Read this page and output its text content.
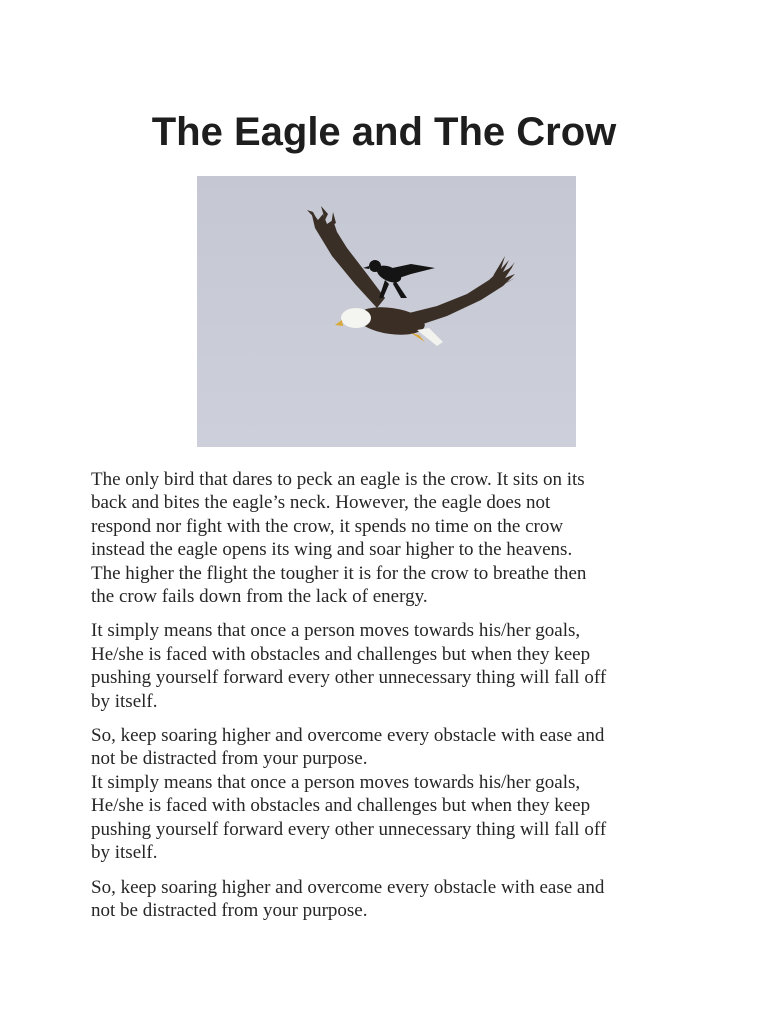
The Eagle and The Crow

The only bird that dares to peck an eagle is the crow. It sits on its
back and bites the eagle’s neck. However, the eagle does not
respond nor fight with the crow, it spends no time on the crow
instead the eagle opens its wing and soar higher to the heavens.
The higher the flight the tougher it is for the crow to breathe then
the crow fails down from the lack of energy.

It simply means that once a person moves towards his/her goals,
He/she is faced with obstacles and challenges but when they keep
pushing yourself forward every other unnecessary thing will fall off
by itself.

So, keep soaring higher and overcome every obstacle with ease and
not be distracted from your purpose.
It simply means that once a person moves towards his/her goals,
He/she is faced with obstacles and challenges but when they keep
pushing yourself forward every other unnecessary thing will fall off
by itself.

So, keep soaring higher and overcome every obstacle with ease and
not be distracted from your purpose.
